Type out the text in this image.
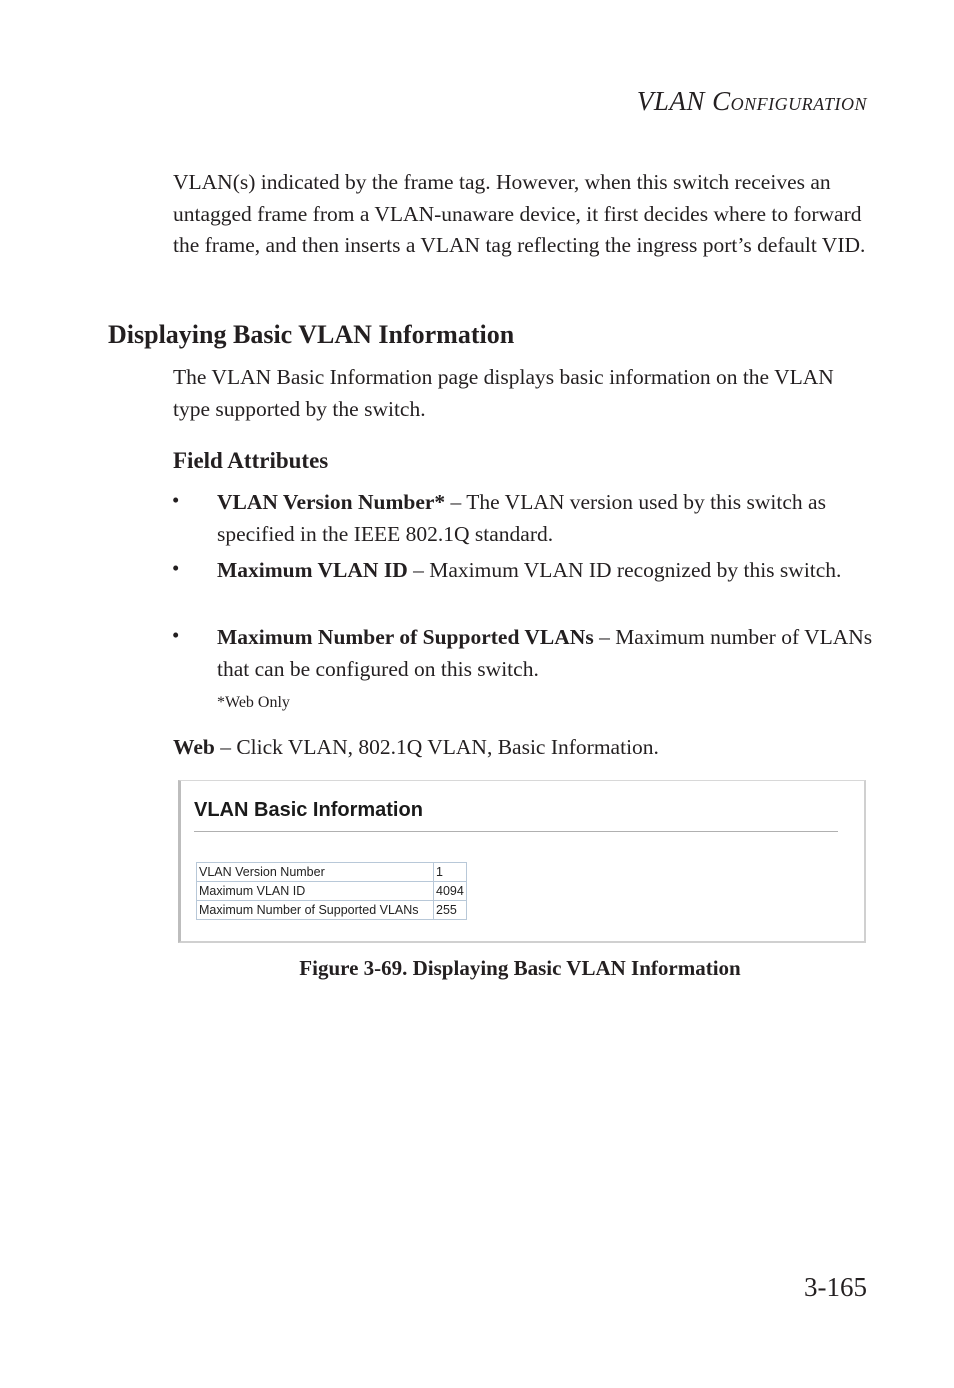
VLAN CONFIGURATION
VLAN(s) indicated by the frame tag. However, when this switch receives an untagged frame from a VLAN-unaware device, it first decides where to forward the frame, and then inserts a VLAN tag reflecting the ingress port’s default VID.
Displaying Basic VLAN Information
The VLAN Basic Information page displays basic information on the VLAN type supported by the switch.
Field Attributes
• VLAN Version Number* – The VLAN version used by this switch as specified in the IEEE 802.1Q standard.
• Maximum VLAN ID – Maximum VLAN ID recognized by this switch.
• Maximum Number of Supported VLANs – Maximum number of VLANs that can be configured on this switch.
*Web Only
Web – Click VLAN, 802.1Q VLAN, Basic Information.
VLAN Basic Information
VLAN Version Number	1
Maximum VLAN ID	4094
Maximum Number of Supported VLANs	255
Figure 3-69. Displaying Basic VLAN Information
3-165
